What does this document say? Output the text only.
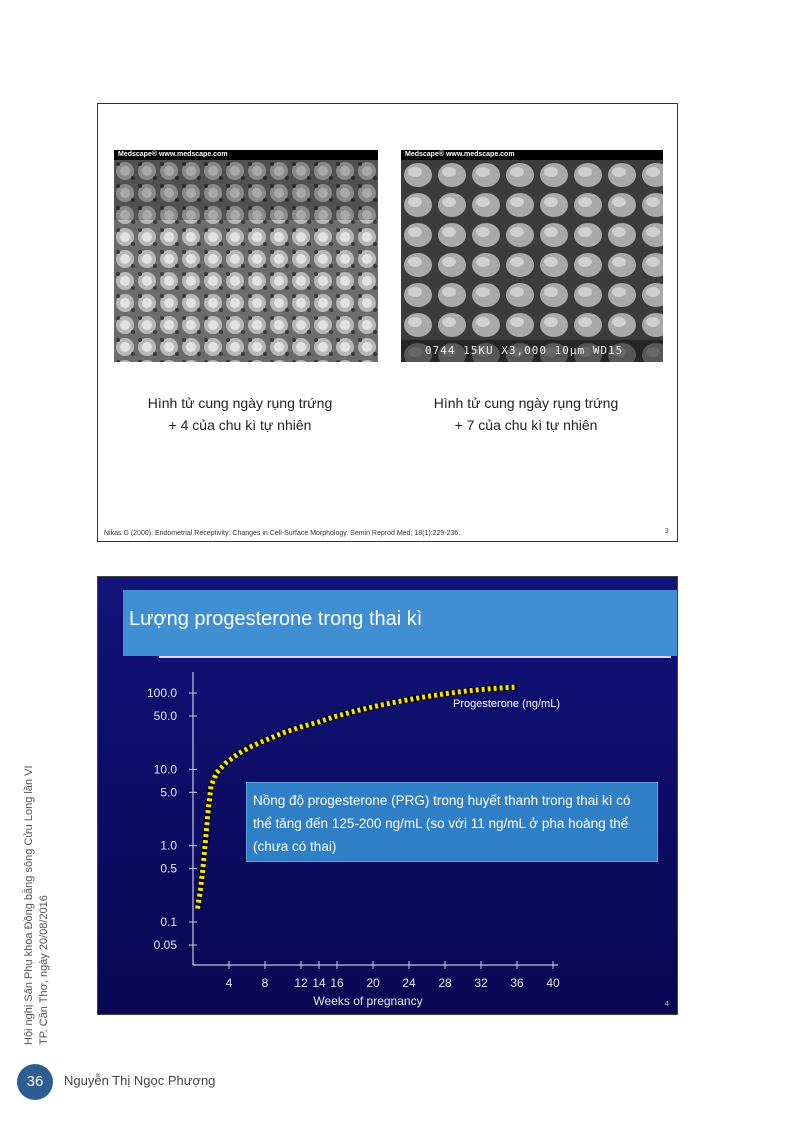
Medscape® www.medscape.com	Medscape® www.medscape.com
0744 15KU X3,000 10μm WD15
Hình tử cung ngày rụng trứng
+ 4 của chu kì tự nhiên
Hình tử cung ngày rụng trứng
+ 7 của chu kì tự nhiên
Nikas G (2000). Endometrial Receptivity: Changes in Cell-Surface Morphology. Semin Reprod Med; 18(1):229-236.	3
Lượng progesterone trong thai kì
100.0
50.0
10.0
5.0
1.0
0.5
0.1
0.05
4 8 12 14 16 20 24 28 32 36 40
Weeks of pregnancy
Progesterone (ng/mL)
Nồng độ progesterone (PRG) trong huyết thanh trong thai kì có thể tăng đến 125-200 ng/mL (so với 11 ng/mL ở pha hoàng thể (chưa có thai)
4
Hội nghị Sản Phụ khoa Đồng bằng sông Cửu Long lần VI TP. Cần Thơ, ngày 20/08/2016
36	Nguyễn Thị Ngọc Phượng
